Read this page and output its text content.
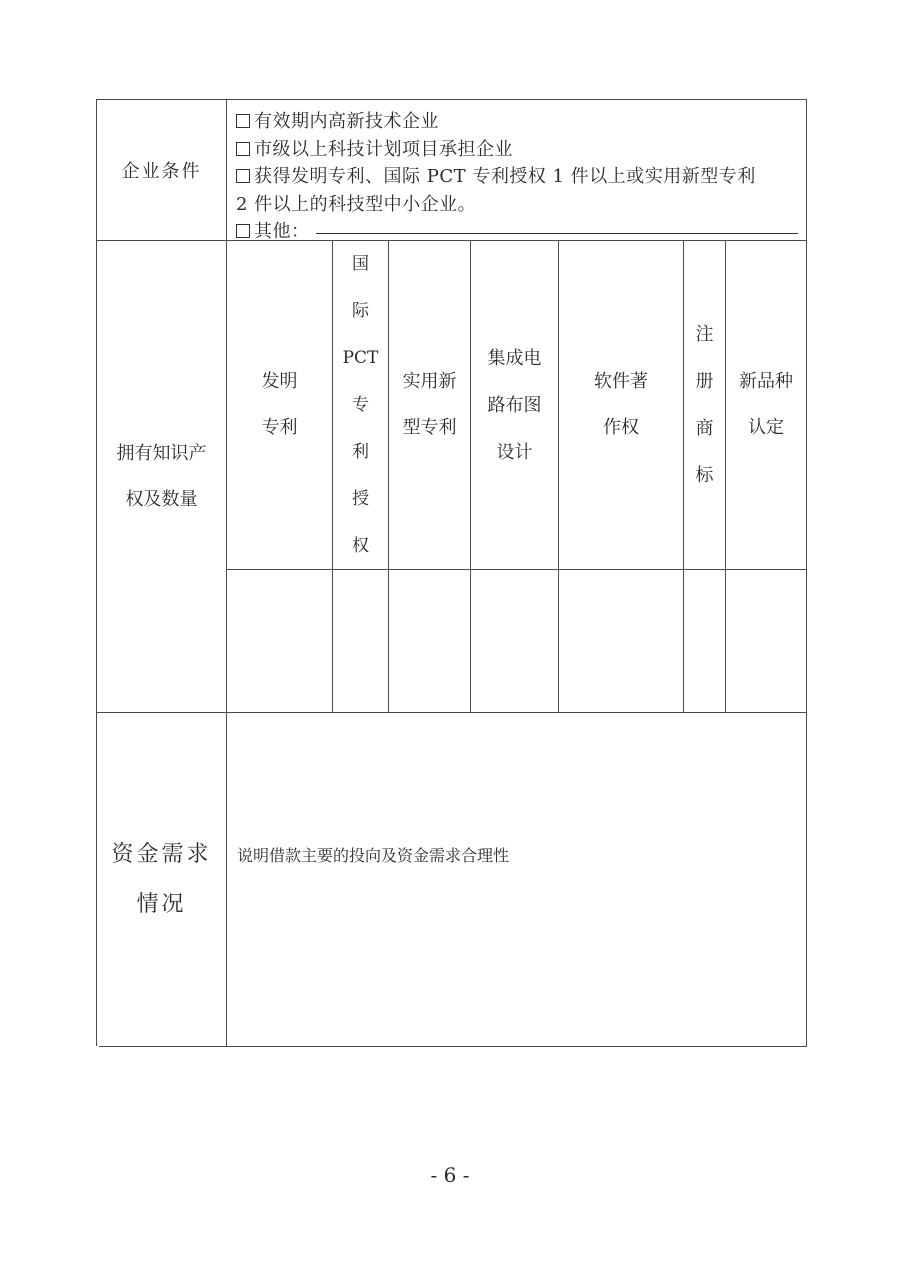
企业条件
有效期内高新技术企业
市级以上科技计划项目承担企业
获得发明专利、国际 PCT 专利授权 1 件以上或实用新型专利
2 件以上的科技型中小企业。
其他：
拥有知识产
权及数量
发明
专利
国
际
PCT
专
利
授
权
实用新
型专利
集成电
路布图
设计
软件著
作权
注
册
商
标
新品种
认定
资金需求
情况
说明借款主要的投向及资金需求合理性
- 6 -
